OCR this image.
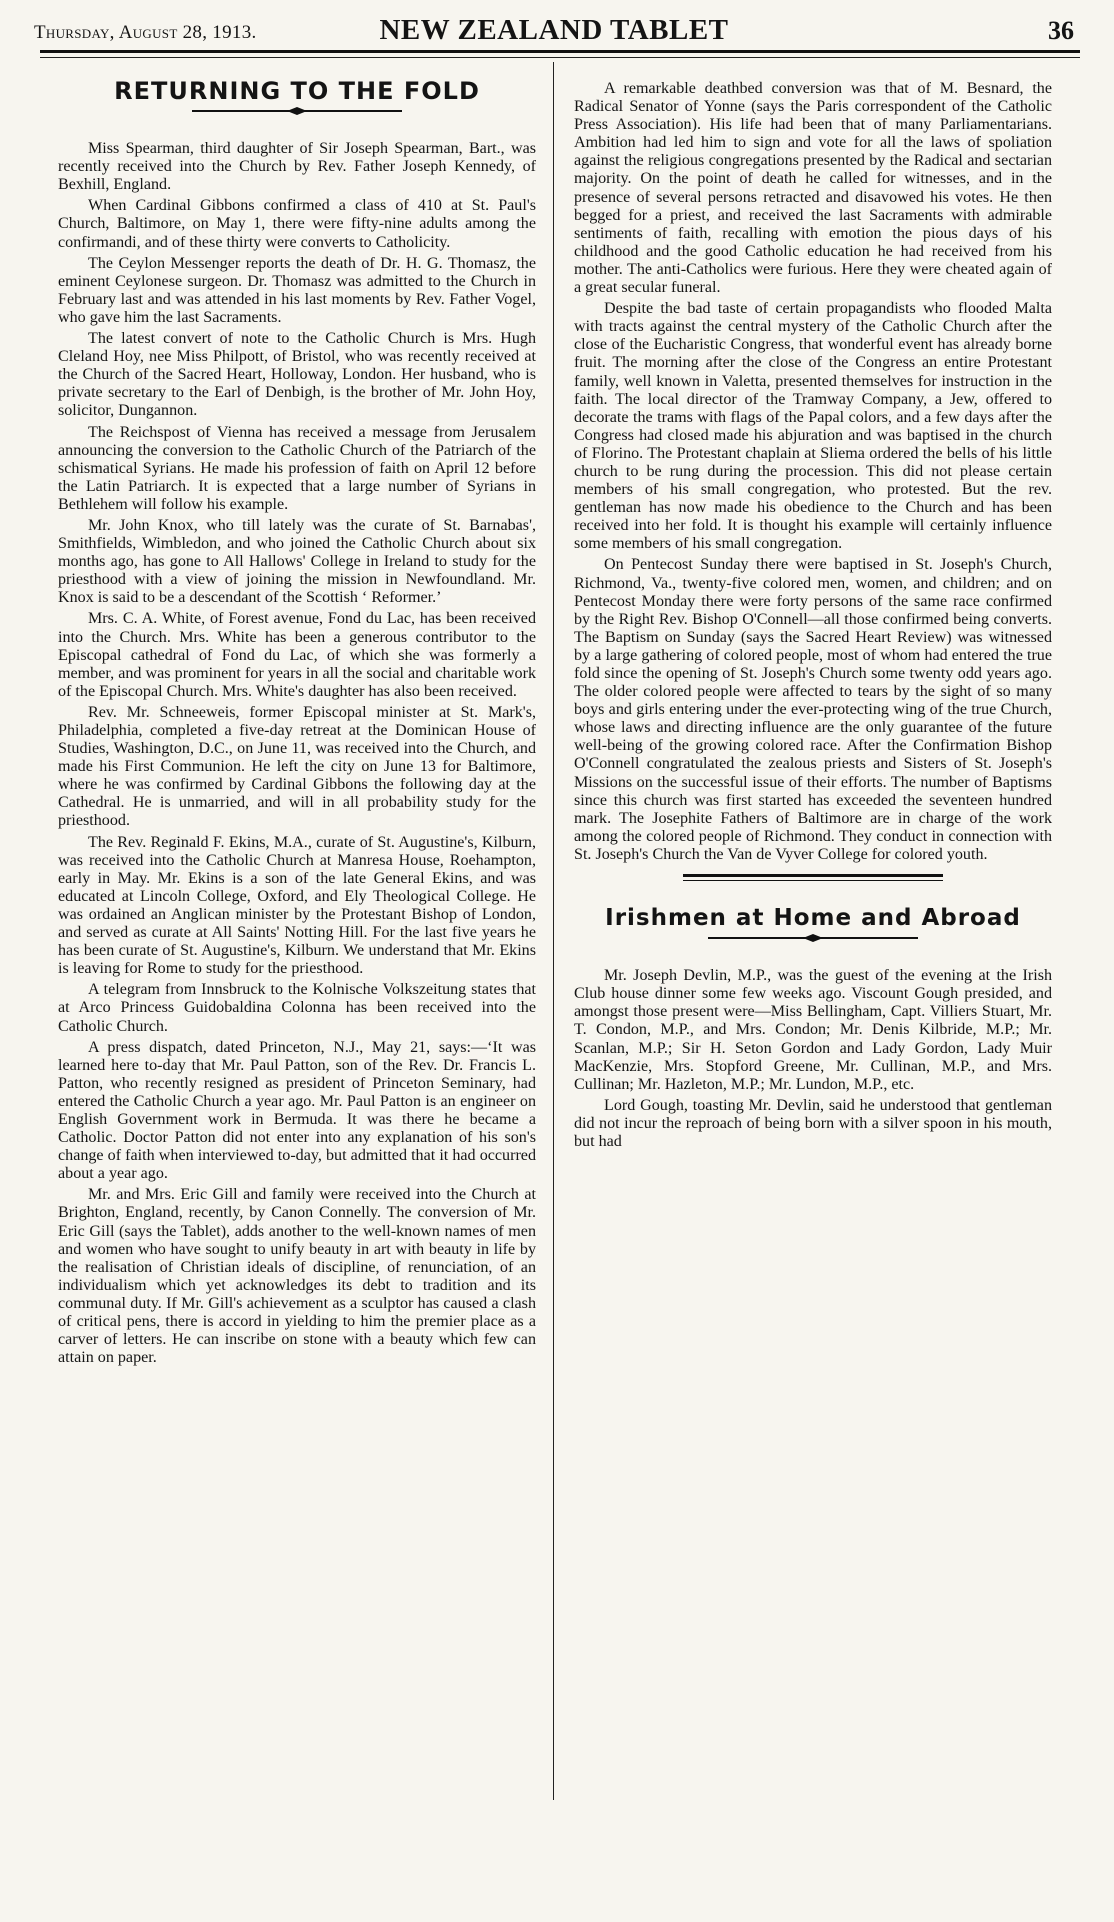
Thursday, August 28, 1913.	NEW ZEALAND TABLET	36
RETURNING TO THE FOLD

Miss Spearman, third daughter of Sir Joseph Spearman, Bart., was recently received into the Church by Rev. Father Joseph Kennedy, of Bexhill, England.

When Cardinal Gibbons confirmed a class of 410 at St. Paul's Church, Baltimore, on May 1, there were fifty-nine adults among the confirmandi, and of these thirty were converts to Catholicity.

The Ceylon Messenger reports the death of Dr. H. G. Thomasz, the eminent Ceylonese surgeon. Dr. Thomasz was admitted to the Church in February last and was attended in his last moments by Rev. Father Vogel, who gave him the last Sacraments.

The latest convert of note to the Catholic Church is Mrs. Hugh Cleland Hoy, nee Miss Philpott, of Bristol, who was recently received at the Church of the Sacred Heart, Holloway, London. Her husband, who is private secretary to the Earl of Denbigh, is the brother of Mr. John Hoy, solicitor, Dungannon.

The Reichspost of Vienna has received a message from Jerusalem announcing the conversion to the Catholic Church of the Patriarch of the schismatical Syrians. He made his profession of faith on April 12 before the Latin Patriarch. It is expected that a large number of Syrians in Bethlehem will follow his example.

Mr. John Knox, who till lately was the curate of St. Barnabas', Smithfields, Wimbledon, and who joined the Catholic Church about six months ago, has gone to All Hallows' College in Ireland to study for the priesthood with a view of joining the mission in Newfoundland. Mr. Knox is said to be a descendant of the Scottish ‘ Reformer.’

Mrs. C. A. White, of Forest avenue, Fond du Lac, has been received into the Church. Mrs. White has been a generous contributor to the Episcopal cathedral of Fond du Lac, of which she was formerly a member, and was prominent for years in all the social and charitable work of the Episcopal Church. Mrs. White's daughter has also been received.

Rev. Mr. Schneeweis, former Episcopal minister at St. Mark's, Philadelphia, completed a five-day retreat at the Dominican House of Studies, Washington, D.C., on June 11, was received into the Church, and made his First Communion. He left the city on June 13 for Baltimore, where he was confirmed by Cardinal Gibbons the following day at the Cathedral. He is unmarried, and will in all probability study for the priesthood.

The Rev. Reginald F. Ekins, M.A., curate of St. Augustine's, Kilburn, was received into the Catholic Church at Manresa House, Roehampton, early in May. Mr. Ekins is a son of the late General Ekins, and was educated at Lincoln College, Oxford, and Ely Theological College. He was ordained an Anglican minister by the Protestant Bishop of London, and served as curate at All Saints' Notting Hill. For the last five years he has been curate of St. Augustine's, Kilburn. We understand that Mr. Ekins is leaving for Rome to study for the priesthood.

A telegram from Innsbruck to the Kolnische Volkszeitung states that at Arco Princess Guidobaldina Colonna has been received into the Catholic Church.

A press dispatch, dated Princeton, N.J., May 21, says:—‘It was learned here to-day that Mr. Paul Patton, son of the Rev. Dr. Francis L. Patton, who recently resigned as president of Princeton Seminary, had entered the Catholic Church a year ago. Mr. Paul Patton is an engineer on English Government work in Bermuda. It was there he became a Catholic. Doctor Patton did not enter into any explanation of his son's change of faith when interviewed to-day, but admitted that it had occurred about a year ago.

Mr. and Mrs. Eric Gill and family were received into the Church at Brighton, England, recently, by Canon Connelly. The conversion of Mr. Eric Gill (says the Tablet), adds another to the well-known names of men and women who have sought to unify beauty in art with beauty in life by the realisation of Christian ideals of discipline, of renunciation, of an individualism which yet acknowledges its debt to tradition and its communal duty. If Mr. Gill's achievement as a sculptor has caused a clash of critical pens, there is accord in yielding to him the premier place as a carver of letters. He can inscribe on stone with a beauty which few can attain on paper.

A remarkable deathbed conversion was that of M. Besnard, the Radical Senator of Yonne (says the Paris correspondent of the Catholic Press Association). His life had been that of many Parliamentarians. Ambition had led him to sign and vote for all the laws of spoliation against the religious congregations presented by the Radical and sectarian majority. On the point of death he called for witnesses, and in the presence of several persons retracted and disavowed his votes. He then begged for a priest, and received the last Sacraments with admirable sentiments of faith, recalling with emotion the pious days of his childhood and the good Catholic education he had received from his mother. The anti-Catholics were furious. Here they were cheated again of a great secular funeral.

Despite the bad taste of certain propagandists who flooded Malta with tracts against the central mystery of the Catholic Church after the close of the Eucharistic Congress, that wonderful event has already borne fruit. The morning after the close of the Congress an entire Protestant family, well known in Valetta, presented themselves for instruction in the faith. The local director of the Tramway Company, a Jew, offered to decorate the trams with flags of the Papal colors, and a few days after the Congress had closed made his abjuration and was baptised in the church of Florino. The Protestant chaplain at Sliema ordered the bells of his little church to be rung during the procession. This did not please certain members of his small congregation, who protested. But the rev. gentleman has now made his obedience to the Church and has been received into her fold. It is thought his example will certainly influence some members of his small congregation.

On Pentecost Sunday there were baptised in St. Joseph's Church, Richmond, Va., twenty-five colored men, women, and children; and on Pentecost Monday there were forty persons of the same race confirmed by the Right Rev. Bishop O'Connell—all those confirmed being converts. The Baptism on Sunday (says the Sacred Heart Review) was witnessed by a large gathering of colored people, most of whom had entered the true fold since the opening of St. Joseph's Church some twenty odd years ago. The older colored people were affected to tears by the sight of so many boys and girls entering under the ever-protecting wing of the true Church, whose laws and directing influence are the only guarantee of the future well-being of the growing colored race. After the Confirmation Bishop O'Connell congratulated the zealous priests and Sisters of St. Joseph's Missions on the successful issue of their efforts. The number of Baptisms since this church was first started has exceeded the seventeen hundred mark. The Josephite Fathers of Baltimore are in charge of the work among the colored people of Richmond. They conduct in connection with St. Joseph's Church the Van de Vyver College for colored youth.

Irishmen at Home and Abroad

Mr. Joseph Devlin, M.P., was the guest of the evening at the Irish Club house dinner some few weeks ago. Viscount Gough presided, and amongst those present were—Miss Bellingham, Capt. Villiers Stuart, Mr. T. Condon, M.P., and Mrs. Condon; Mr. Denis Kilbride, M.P.; Mr. Scanlan, M.P.; Sir H. Seton Gordon and Lady Gordon, Lady Muir MacKenzie, Mrs. Stopford Greene, Mr. Cullinan, M.P., and Mrs. Cullinan; Mr. Hazleton, M.P.; Mr. Lundon, M.P., etc.

Lord Gough, toasting Mr. Devlin, said he understood that gentleman did not incur the reproach of being born with a silver spoon in his mouth, but had
